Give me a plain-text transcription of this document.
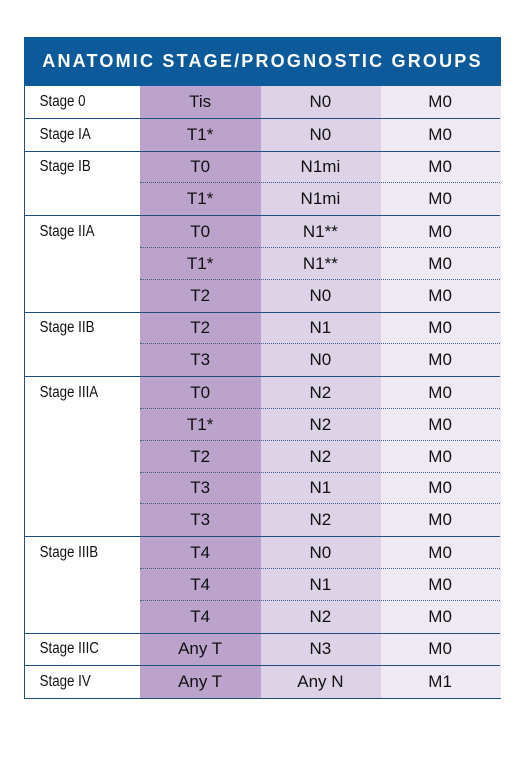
ANATOMIC STAGE/PROGNOSTIC GROUPS
Stage 0	Tis	N0	M0
Stage IA	T1*	N0	M0
Stage IB	T0	N1mi	M0
T1*	N1mi	M0
Stage IIA	T0	N1**	M0
T1*	N1**	M0
T2	N0	M0
Stage IIB	T2	N1	M0
T3	N0	M0
Stage IIIA	T0	N2	M0
T1*	N2	M0
T2	N2	M0
T3	N1	M0
T3	N2	M0
Stage IIIB	T4	N0	M0
T4	N1	M0
T4	N2	M0
Stage IIIC	Any T	N3	M0
Stage IV	Any T	Any N	M1
